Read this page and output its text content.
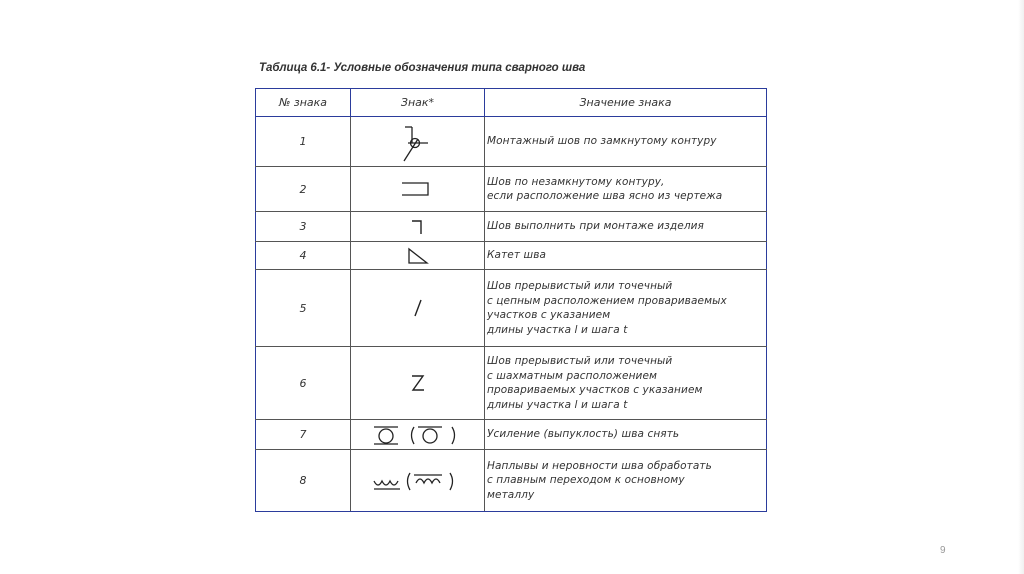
Таблица 6.1- Условные обозначения типа сварного шва
№ знака	Знак*	Значение знака
1		Монтажный шов по замкнутому контуру

2		Шов по незамкнутому контуру,
если расположение шва ясно из чертежа

3		Шов выполнить при монтаже изделия

4		Катет шва

5		Шов прерывистый или точечный
с цепным расположением провариваемых
участков с указанием
длины участка l и шага t

6		Шов прерывистый или точечный
с шахматным расположением
провариваемых участков с указанием
длины участка l и шага t

7		Усиление (выпуклость) шва снять

8		Наплывы и неровности шва обработать
с плавным переходом к основному
металлу
9
